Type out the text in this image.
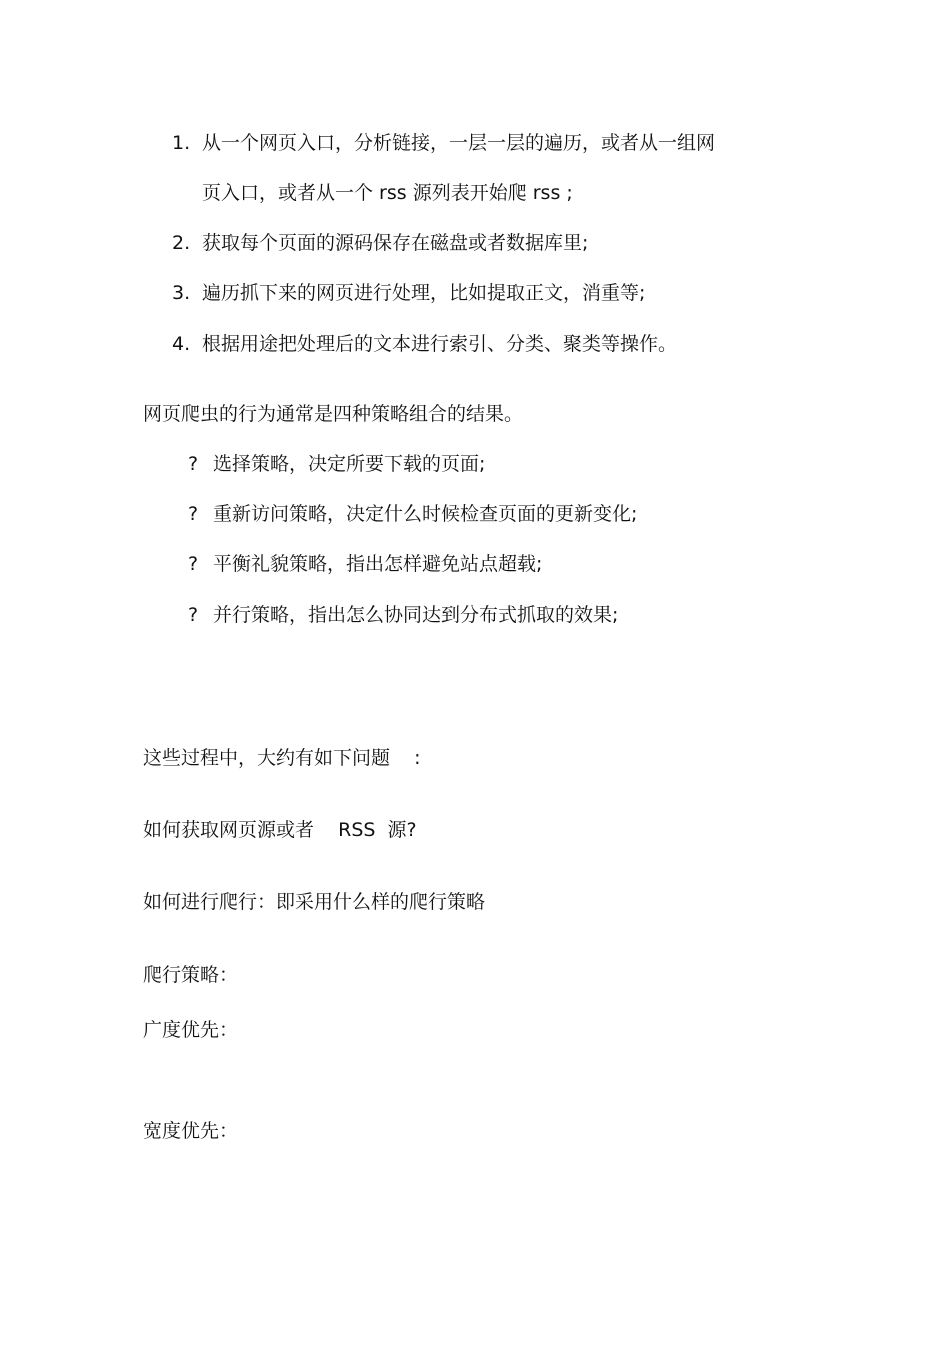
1. 从一个网页入口，分析链接，一层一层的遍历，或者从一组网
页入口，或者从一个 rss 源列表开始爬 rss ;
2. 获取每个页面的源码保存在磁盘或者数据库里;
3. 遍历抓下来的网页进行处理，比如提取正文，消重等;
4. 根据用途把处理后的文本进行索引、分类、聚类等操作。
网页爬虫的行为通常是四种策略组合的结果。
? 选择策略，决定所要下载的页面;
? 重新访问策略，决定什么时候检查页面的更新变化;
? 平衡礼貌策略，指出怎样避免站点超载;
? 并行策略，指出怎么协同达到分布式抓取的效果;
这些过程中，大约有如下问题    :
如何获取网页源或者    RSS  源?
如何进行爬行：即采用什么样的爬行策略
爬行策略：
广度优先：
宽度优先：
